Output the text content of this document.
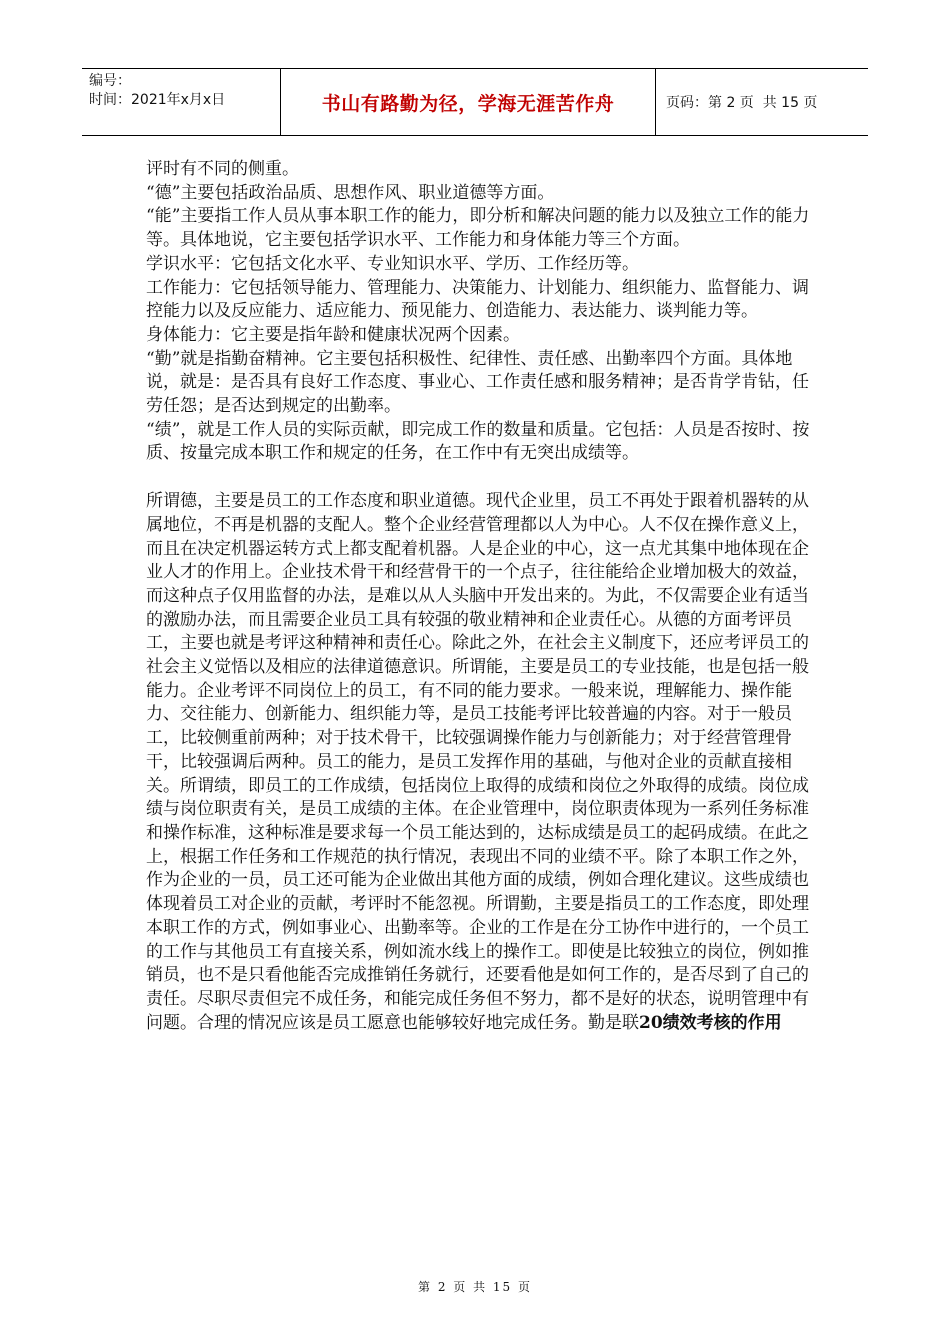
编号：
时间：2021年x月x日	书山有路勤为径，学海无涯苦作舟	页码：第 2 页  共 15 页

评时有不同的侧重。

“德”主要包括政治品质、思想作风、职业道德等方面。

“能”主要指工作人员从事本职工作的能力，即分析和解决问题的能力以及独立工作的能力等。具体地说，它主要包括学识水平、工作能力和身体能力等三个方面。

学识水平：它包括文化水平、专业知识水平、学历、工作经历等。

工作能力：它包括领导能力、管理能力、决策能力、计划能力、组织能力、监督能力、调控能力以及反应能力、适应能力、预见能力、创造能力、表达能力、谈判能力等。

身体能力：它主要是指年龄和健康状况两个因素。

“勤”就是指勤奋精神。它主要包括积极性、纪律性、责任感、出勤率四个方面。具体地说，就是：是否具有良好工作态度、事业心、工作责任感和服务精神；是否肯学肯钻，任劳任怨；是否达到规定的出勤率。

“绩”，就是工作人员的实际贡献，即完成工作的数量和质量。它包括：人员是否按时、按质、按量完成本职工作和规定的任务，在工作中有无突出成绩等。

所谓德，主要是员工的工作态度和职业道德。现代企业里，员工不再处于跟着机器转的从属地位，不再是机器的支配人。整个企业经营管理都以人为中心。人不仅在操作意义上，而且在决定机器运转方式上都支配着机器。人是企业的中心，这一点尤其集中地体现在企业人才的作用上。企业技术骨干和经营骨干的一个点子，往往能给企业增加极大的效益，而这种点子仅用监督的办法，是难以从人头脑中开发出来的。为此，不仅需要企业有适当的激励办法，而且需要企业员工具有较强的敬业精神和企业责任心。从德的方面考评员工，主要也就是考评这种精神和责任心。除此之外，在社会主义制度下，还应考评员工的社会主义觉悟以及相应的法律道德意识。所谓能，主要是员工的专业技能，也是包括一般能力。企业考评不同岗位上的员工，有不同的能力要求。一般来说，理解能力、操作能力、交往能力、创新能力、组织能力等，是员工技能考评比较普遍的内容。对于一般员工，比较侧重前两种；对于技术骨干，比较强调操作能力与创新能力；对于经营管理骨干，比较强调后两种。员工的能力，是员工发挥作用的基础，与他对企业的贡献直接相关。所谓绩，即员工的工作成绩，包括岗位上取得的成绩和岗位之外取得的成绩。岗位成绩与岗位职责有关，是员工成绩的主体。在企业管理中，岗位职责体现为一系列任务标准和操作标准，这种标准是要求每一个员工能达到的，达标成绩是员工的起码成绩。在此之上，根据工作任务和工作规范的执行情况，表现出不同的业绩不平。除了本职工作之外，作为企业的一员，员工还可能为企业做出其他方面的成绩，例如合理化建议。这些成绩也体现着员工对企业的贡献，考评时不能忽视。所谓勤，主要是指员工的工作态度，即处理本职工作的方式，例如事业心、出勤率等。企业的工作是在分工协作中进行的，一个员工的工作与其他员工有直接关系，例如流水线上的操作工。即使是比较独立的岗位，例如推销员，也不是只看他能否完成推销任务就行，还要看他是如何工作的，是否尽到了自己的责任。尽职尽责但完不成任务，和能完成任务但不努力，都不是好的状态，说明管理中有问题。合理的情况应该是员工愿意也能够较好地完成任务。勤是联20绩效考核的作用

第 2 页 共 15 页
